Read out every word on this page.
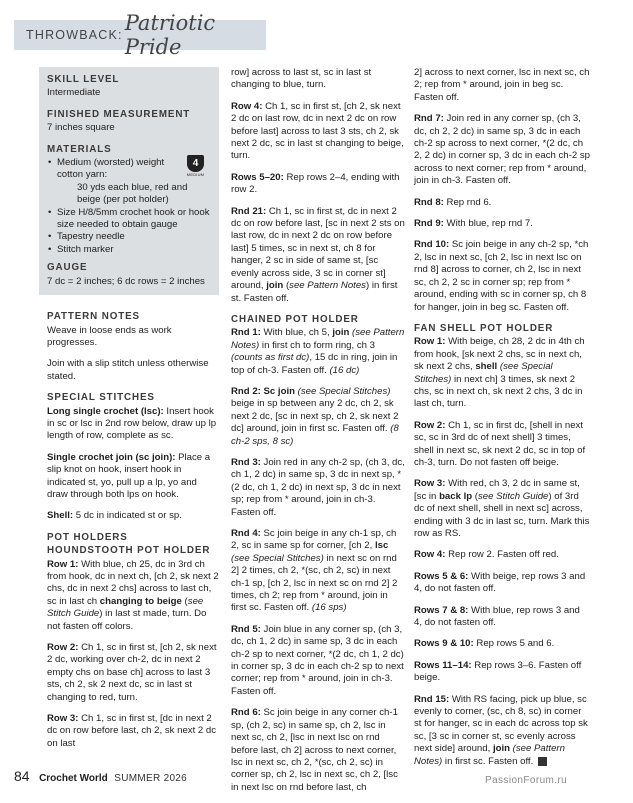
THROWBACK: Patriotic Pride
SKILL LEVEL
Intermediate
FINISHED MEASUREMENT
7 inches square
MATERIALS
• 4
MEDIUM
Medium (worsted) weight cotton yarn:
30 yds each blue, red and beige (per pot holder)
• Size H/8/5mm crochet hook or hook size needed to obtain gauge
• Tapestry needle
• Stitch marker
GAUGE
7 dc = 2 inches; 6 dc rows = 2 inches
PATTERN NOTES

Weave in loose ends as work progresses.

Join with a slip stitch unless otherwise stated.

SPECIAL STITCHES

Long single crochet (lsc): Insert hook in sc or lsc in 2nd row below, draw up lp length of row, complete as sc.

Single crochet join (sc join): Place a slip knot on hook, insert hook in indicated st, yo, pull up a lp, yo and draw through both lps on hook.

Shell: 5 dc in indicated st or sp.

POT HOLDERS
HOUNDSTOOTH POT HOLDER

Row 1: With blue, ch 25, dc in 3rd ch from hook, dc in next ch, [ch 2, sk next 2 chs, dc in next 2 chs] across to last ch, sc in last ch changing to beige (see Stitch Guide) in last st made, turn. Do not fasten off colors.

Row 2: Ch 1, sc in first st, [ch 2, sk next 2 dc, working over ch-2, dc in next 2 empty chs on base ch] across to last 3 sts, ch 2, sk 2 next dc, sc in last st changing to red, turn.

Row 3: Ch 1, sc in first st, [dc in next 2 dc on row before last, ch 2, sk next 2 dc on last

row] across to last st, sc in last st changing to blue, turn.

Row 4: Ch 1, sc in first st, [ch 2, sk next 2 dc on last row, dc in next 2 dc on row before last] across to last 3 sts, ch 2, sk next 2 dc, sc in last st changing to beige, turn.

Rows 5–20: Rep rows 2–4, ending with row 2.

Rnd 21: Ch 1, sc in first st, dc in next 2 dc on row before last, [sc in next 2 sts on last row, dc in next 2 dc on row before last] 5 times, sc in next st, ch 8 for hanger, 2 sc in side of same st, [sc evenly across side, 3 sc in corner st] around, join (see Pattern Notes) in first st. Fasten off.

CHAINED POT HOLDER

Rnd 1: With blue, ch 5, join (see Pattern Notes) in first ch to form ring, ch 3 (counts as first dc), 15 dc in ring, join in top of ch-3. Fasten off. (16 dc)

Rnd 2: Sc join (see Special Stitches) beige in sp between any 2 dc, ch 2, sk next 2 dc, [sc in next sp, ch 2, sk next 2 dc] around, join in first sc. Fasten off. (8 ch-2 sps, 8 sc)

Rnd 3: Join red in any ch-2 sp, (ch 3, dc, ch 1, 2 dc) in same sp, 3 dc in next sp, *(2 dc, ch 1, 2 dc) in next sp, 3 dc in next sp; rep from * around, join in ch-3. Fasten off.

Rnd 4: Sc join beige in any ch-1 sp, ch 2, sc in same sp for corner, [ch 2, lsc (see Special Stitches) in next sc on rnd 2] 2 times, ch 2, *(sc, ch 2, sc) in next ch-1 sp, [ch 2, lsc in next sc on rnd 2] 2 times, ch 2; rep from * around, join in first sc. Fasten off. (16 sps)

Rnd 5: Join blue in any corner sp, (ch 3, dc, ch 1, 2 dc) in same sp, 3 dc in each ch-2 sp to next corner, *(2 dc, ch 1, 2 dc) in corner sp, 3 dc in each ch-2 sp to next corner; rep from * around, join in ch-3. Fasten off.

Rnd 6: Sc join beige in any corner ch-1 sp, (ch 2, sc) in same sp, ch 2, lsc in next sc, ch 2, [lsc in next lsc on rnd before last, ch 2] across to next corner, lsc in next sc, ch 2, *(sc, ch 2, sc) in corner sp, ch 2, lsc in next sc, ch 2, [lsc in next lsc on rnd before last, ch

2] across to next corner, lsc in next sc, ch 2; rep from * around, join in beg sc. Fasten off.

Rnd 7: Join red in any corner sp, (ch 3, dc, ch 2, 2 dc) in same sp, 3 dc in each ch-2 sp across to next corner, *(2 dc, ch 2, 2 dc) in corner sp, 3 dc in each ch-2 sp across to next corner; rep from * around, join in ch-3. Fasten off.

Rnd 8: Rep rnd 6.

Rnd 9: With blue, rep rnd 7.

Rnd 10: Sc join beige in any ch-2 sp, *ch 2, lsc in next sc, [ch 2, lsc in next lsc on rnd 8] across to corner, ch 2, lsc in next sc, ch 2, 2 sc in corner sp; rep from * around, ending with sc in corner sp, ch 8 for hanger, join in beg sc. Fasten off.

FAN SHELL POT HOLDER

Row 1: With beige, ch 28, 2 dc in 4th ch from hook, [sk next 2 chs, sc in next ch, sk next 2 chs, shell (see Special Stitches) in next ch] 3 times, sk next 2 chs, sc in next ch, sk next 2 chs, 3 dc in last ch, turn.

Row 2: Ch 1, sc in first dc, [shell in next sc, sc in 3rd dc of next shell] 3 times, shell in next sc, sk next 2 dc, sc in top of ch-3, turn. Do not fasten off beige.

Row 3: With red, ch 3, 2 dc in same st, [sc in back lp (see Stitch Guide) of 3rd dc of next shell, shell in next sc] across, ending with 3 dc in last sc, turn. Mark this row as RS.

Row 4: Rep row 2. Fasten off red.

Rows 5 & 6: With beige, rep rows 3 and 4, do not fasten off.

Rows 7 & 8: With blue, rep rows 3 and 4, do not fasten off.

Rows 9 & 10: Rep rows 5 and 6.

Rows 11–14: Rep rows 3–6. Fasten off beige.

Rnd 15: With RS facing, pick up blue, sc evenly to corner, (sc, ch 8, sc) in corner st for hanger, sc in each dc across top sk sc, [3 sc in corner st, sc evenly across next side] around, join (see Pattern Notes) in first sc. Fasten off.

84 Crochet World SUMMER 2026	PassionForum.ru
